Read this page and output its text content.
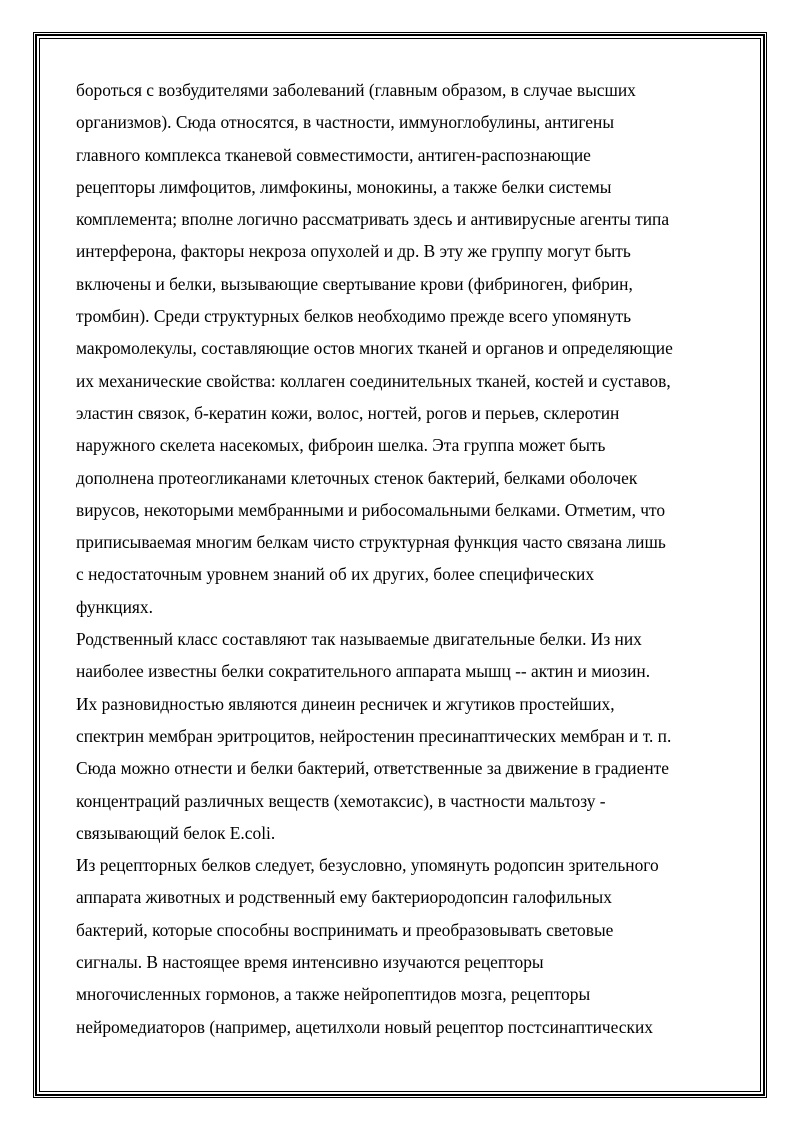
бороться с возбудителями заболеваний (главным образом, в случае высших
организмов). Сюда относятся, в частности, иммуноглобулины, антигены
главного комплекса тканевой совместимости, антиген-распознающие
рецепторы лимфоцитов, лимфокины, монокины, а также белки системы
комплемента; вполне логично рассматривать здесь и антивирусные агенты типа
интерферона, факторы некроза опухолей и др. В эту же группу могут быть
включены и белки, вызывающие свертывание крови (фибриноген, фибрин,
тромбин). Среди структурных белков необходимо прежде всего упомянуть
макромолекулы, составляющие остов многих тканей и органов и определяющие
их механические свойства: коллаген соединительных тканей, костей и суставов,
эластин связок, б-кератин кожи, волос, ногтей, рогов и перьев, склеротин
наружного скелета насекомых, фиброин шелка. Эта группа может быть
дополнена протеогликанами клеточных стенок бактерий, белками оболочек
вирусов, некоторыми мембранными и рибосомальными белками. Отметим, что
приписываемая многим белкам чисто структурная функция часто связана лишь
с недостаточным уровнем знаний об их других, более специфических
функциях.
Родственный класс составляют так называемые двигательные белки. Из них
наиболее известны белки сократительного аппарата мышц -- актин и миозин.
Их разновидностью являются динеин ресничек и жгутиков простейших,
спектрин мембран эритроцитов, нейростенин пресинаптических мембран и т. п.
Сюда можно отнести и белки бактерий, ответственные за движение в градиенте
концентраций различных веществ (хемотаксис), в частности мальтозу -
связывающий белок E.coli.
Из рецепторных белков следует, безусловно, упомянуть родопсин зрительного
аппарата животных и родственный ему бактериородопсин галофильных
бактерий, которые способны воспринимать и преобразовывать световые
сигналы. В настоящее время интенсивно изучаются рецепторы
многочисленных гормонов, а также нейропептидов мозга, рецепторы
нейромедиаторов (например, ацетилхоли новый рецептор постсинаптических
